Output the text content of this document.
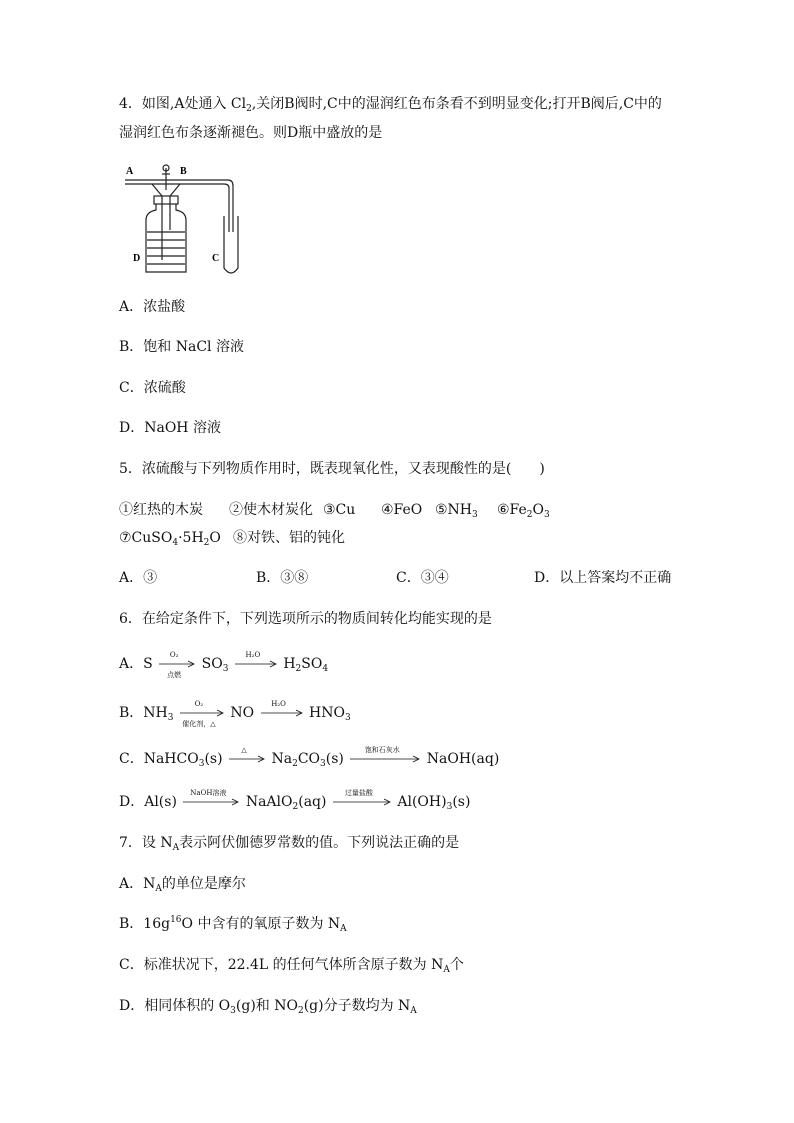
4．如图,A处通入 $Cl_2$,关闭B阀时,C中的湿润红色布条看不到明显变化;打开B阀后,C中的
湿润红色布条逐渐褪色。则D瓶中盛放的是
A	B
D	C
A．浓盐酸
B．饱和 NaCl 溶液
C．浓硫酸
D．NaOH 溶液
5．浓硫酸与下列物质作用时，既表现氧化性，又表现酸性的是(　　)
①红热的木炭 ②使木材炭化 ③Cu ④FeO $⑤NH_3$ $⑥Fe_2O_3$
$⑦CuSO_4\cdot 5H_2O$ ⑧对铁、铝的钝化
A．③	B．③⑧	C．③④	D．以上答案均不正确
6．在给定条件下，下列选项所示的物质间转化均能实现的是
A．S
O₂
点燃
$SO_3$
H₂O
$H_2SO_4$
B．$NH_3$
O₂
催化剂，△
NO
H₂O
$HNO_3$
C．NaHCO$_3$(s)
△
$Na_2CO_3(s)$
饱和石灰水
NaOH(aq)
D．Al(s)
NaOH溶液
NaAlO$_2$(aq)
过量盐酸
$Al(OH)_3(s)$
7．设 $N_A$表示阿伏伽德罗常数的值。下列说法正确的是
A．$N_A$的单位是摩尔
B．$16g^{16}O$ 中含有的氧原子数为 $N_A$
C．标准状况下，22.4L 的任何气体所含原子数为 $N_A$个
D．相同体积的 $O_3(g)$和 $NO_2(g)$分子数均为 $N_A$
